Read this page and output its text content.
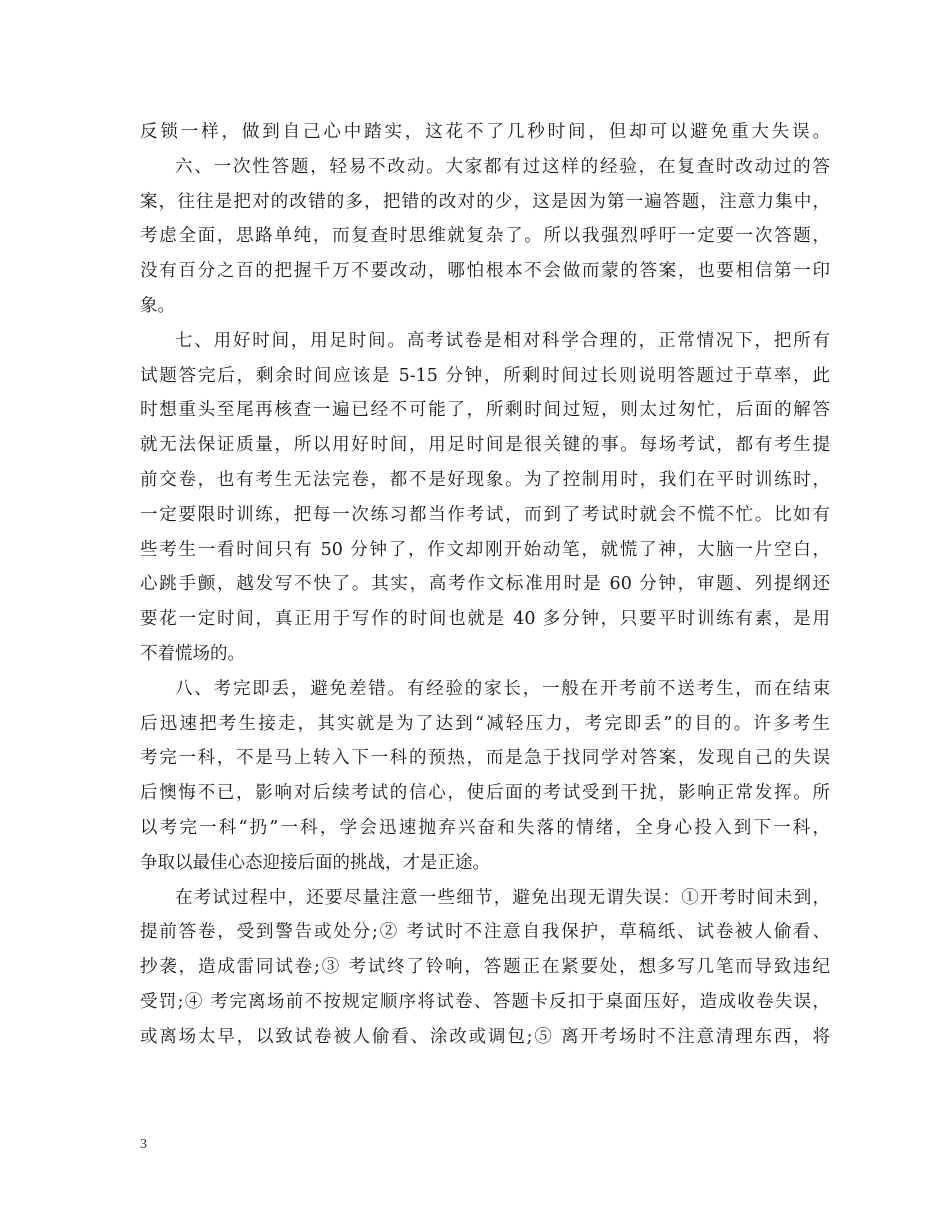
反锁一样，做到自己心中踏实，这花不了几秒时间，但却可以避免重大失误。
六、一次性答题，轻易不改动。大家都有过这样的经验，在复查时改动过的答
案，往往是把对的改错的多，把错的改对的少，这是因为第一遍答题，注意力集中，
考虑全面，思路单纯，而复查时思维就复杂了。所以我强烈呼吁一定要一次答题，
没有百分之百的把握千万不要改动，哪怕根本不会做而蒙的答案，也要相信第一印
象。
七、用好时间，用足时间。高考试卷是相对科学合理的，正常情况下，把所有
试题答完后，剩余时间应该是 5-15 分钟，所剩时间过长则说明答题过于草率，此
时想重头至尾再核查一遍已经不可能了，所剩时间过短，则太过匆忙，后面的解答
就无法保证质量，所以用好时间，用足时间是很关键的事。每场考试，都有考生提
前交卷，也有考生无法完卷，都不是好现象。为了控制用时，我们在平时训练时，
一定要限时训练，把每一次练习都当作考试，而到了考试时就会不慌不忙。比如有
些考生一看时间只有 50 分钟了，作文却刚开始动笔，就慌了神，大脑一片空白，
心跳手颤，越发写不快了。其实，高考作文标准用时是 60 分钟，审题、列提纲还
要花一定时间，真正用于写作的时间也就是 40 多分钟，只要平时训练有素，是用
不着慌场的。
八、考完即丢，避免差错。有经验的家长，一般在开考前不送考生，而在结束
后迅速把考生接走，其实就是为了达到“减轻压力，考完即丢”的目的。许多考生
考完一科，不是马上转入下一科的预热，而是急于找同学对答案，发现自己的失误
后懊悔不已，影响对后续考试的信心，使后面的考试受到干扰，影响正常发挥。所
以考完一科“扔”一科，学会迅速抛弃兴奋和失落的情绪，全身心投入到下一科，
争取以最佳心态迎接后面的挑战，才是正途。
在考试过程中，还要尽量注意一些细节，避免出现无谓失误：①开考时间未到，
提前答卷，受到警告或处分;② 考试时不注意自我保护，草稿纸、试卷被人偷看、
抄袭，造成雷同试卷;③ 考试终了铃响，答题正在紧要处，想多写几笔而导致违纪
受罚;④ 考完离场前不按规定顺序将试卷、答题卡反扣于桌面压好，造成收卷失误，
或离场太早，以致试卷被人偷看、涂改或调包;⑤ 离开考场时不注意清理东西，将
3
